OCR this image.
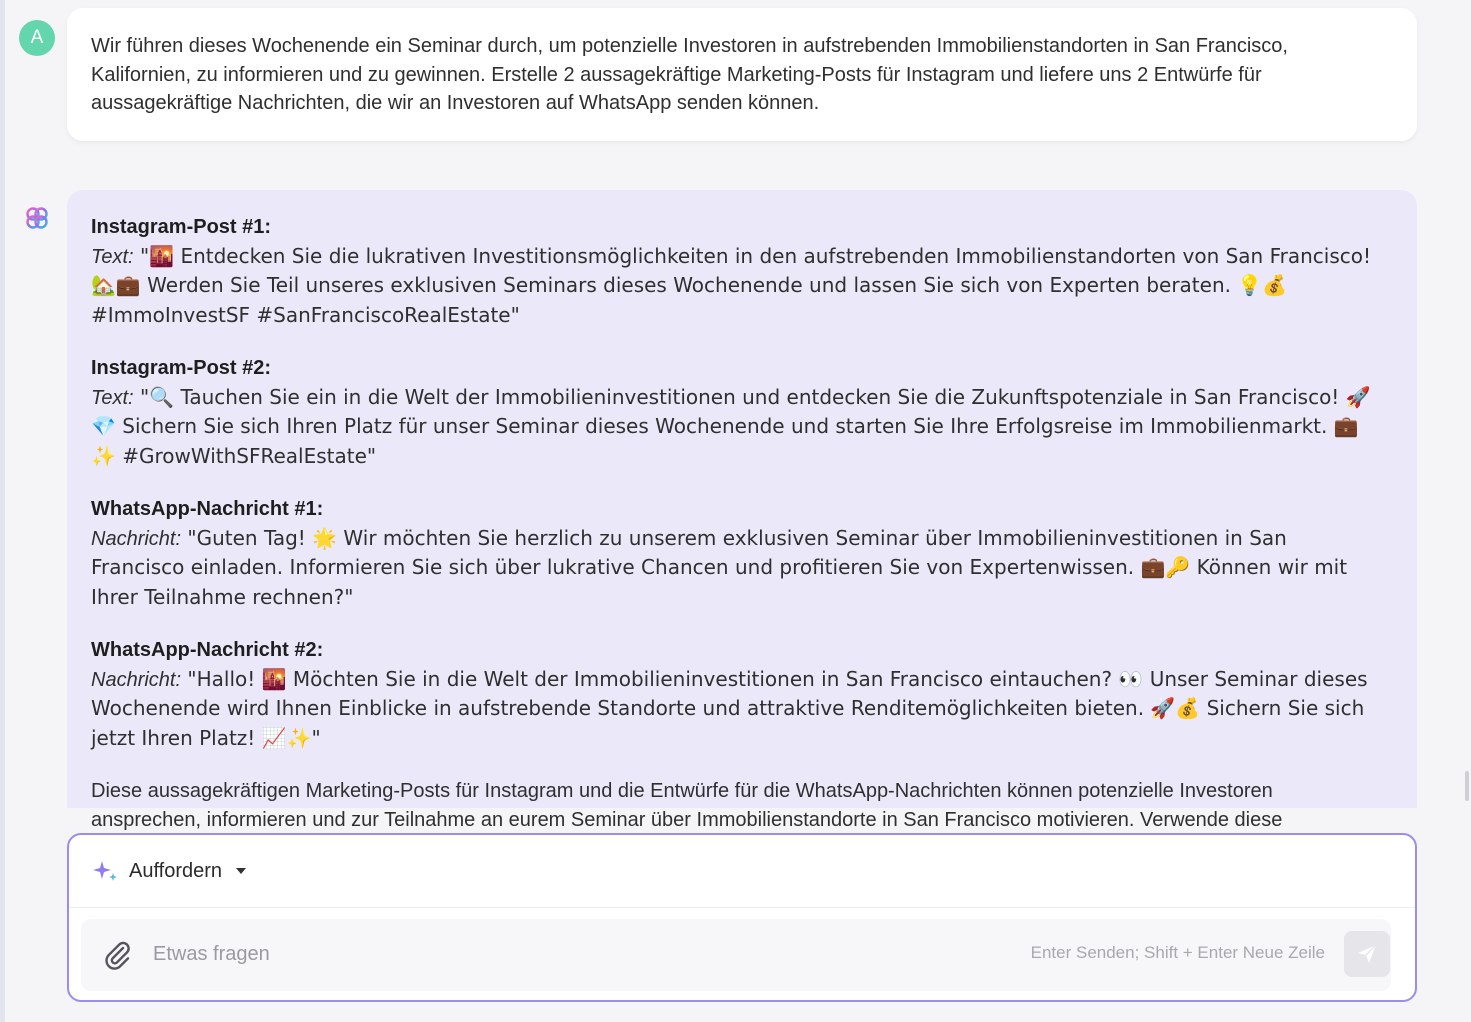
A	Wir führen dieses Wochenende ein Seminar durch, um potenzielle Investoren in aufstrebenden Immobilienstandorten in San Francisco, Kalifornien, zu informieren und zu gewinnen. Erstelle 2 aussagekräftige Marketing-Posts für Instagram und liefere uns 2 Entwürfe für aussagekräftige Nachrichten, die wir an Investoren auf WhatsApp senden können.
Instagram-Post #1:
Text: "🌇 Entdecken Sie die lukrativen Investitionsmöglichkeiten in den aufstrebenden Immobilienstandorten von San Francisco! 🏡💼 Werden Sie Teil unseres exklusiven Seminars dieses Wochenende und lassen Sie sich von Experten beraten. 💡💰 #ImmoInvestSF #SanFranciscoRealEstate"
Instagram-Post #2:
Text: "🔍 Tauchen Sie ein in die Welt der Immobilieninvestitionen und entdecken Sie die Zukunftspotenziale in San Francisco! 🚀💎 Sichern Sie sich Ihren Platz für unser Seminar dieses Wochenende und starten Sie Ihre Erfolgsreise im Immobilienmarkt. 💼✨ #GrowWithSFRealEstate"
WhatsApp-Nachricht #1:
Nachricht: "Guten Tag! 🌟 Wir möchten Sie herzlich zu unserem exklusiven Seminar über Immobilieninvestitionen in San Francisco einladen. Informieren Sie sich über lukrative Chancen und profitieren Sie von Expertenwissen. 💼🔑 Können wir mit Ihrer Teilnahme rechnen?"
WhatsApp-Nachricht #2:
Nachricht: "Hallo! 🌇 Möchten Sie in die Welt der Immobilieninvestitionen in San Francisco eintauchen? 👀 Unser Seminar dieses Wochenende wird Ihnen Einblicke in aufstrebende Standorte und attraktive Renditemöglichkeiten bieten. 🚀💰 Sichern Sie sich jetzt Ihren Platz! 📈✨"
Diese aussagekräftigen Marketing-Posts für Instagram und die Entwürfe für die WhatsApp-Nachrichten können potenzielle Investoren ansprechen, informieren und zur Teilnahme an eurem Seminar über Immobilienstandorte in San Francisco motivieren. Verwende diese
Auffordern
Etwas fragen
Enter Senden; Shift + Enter Neue Zeile
